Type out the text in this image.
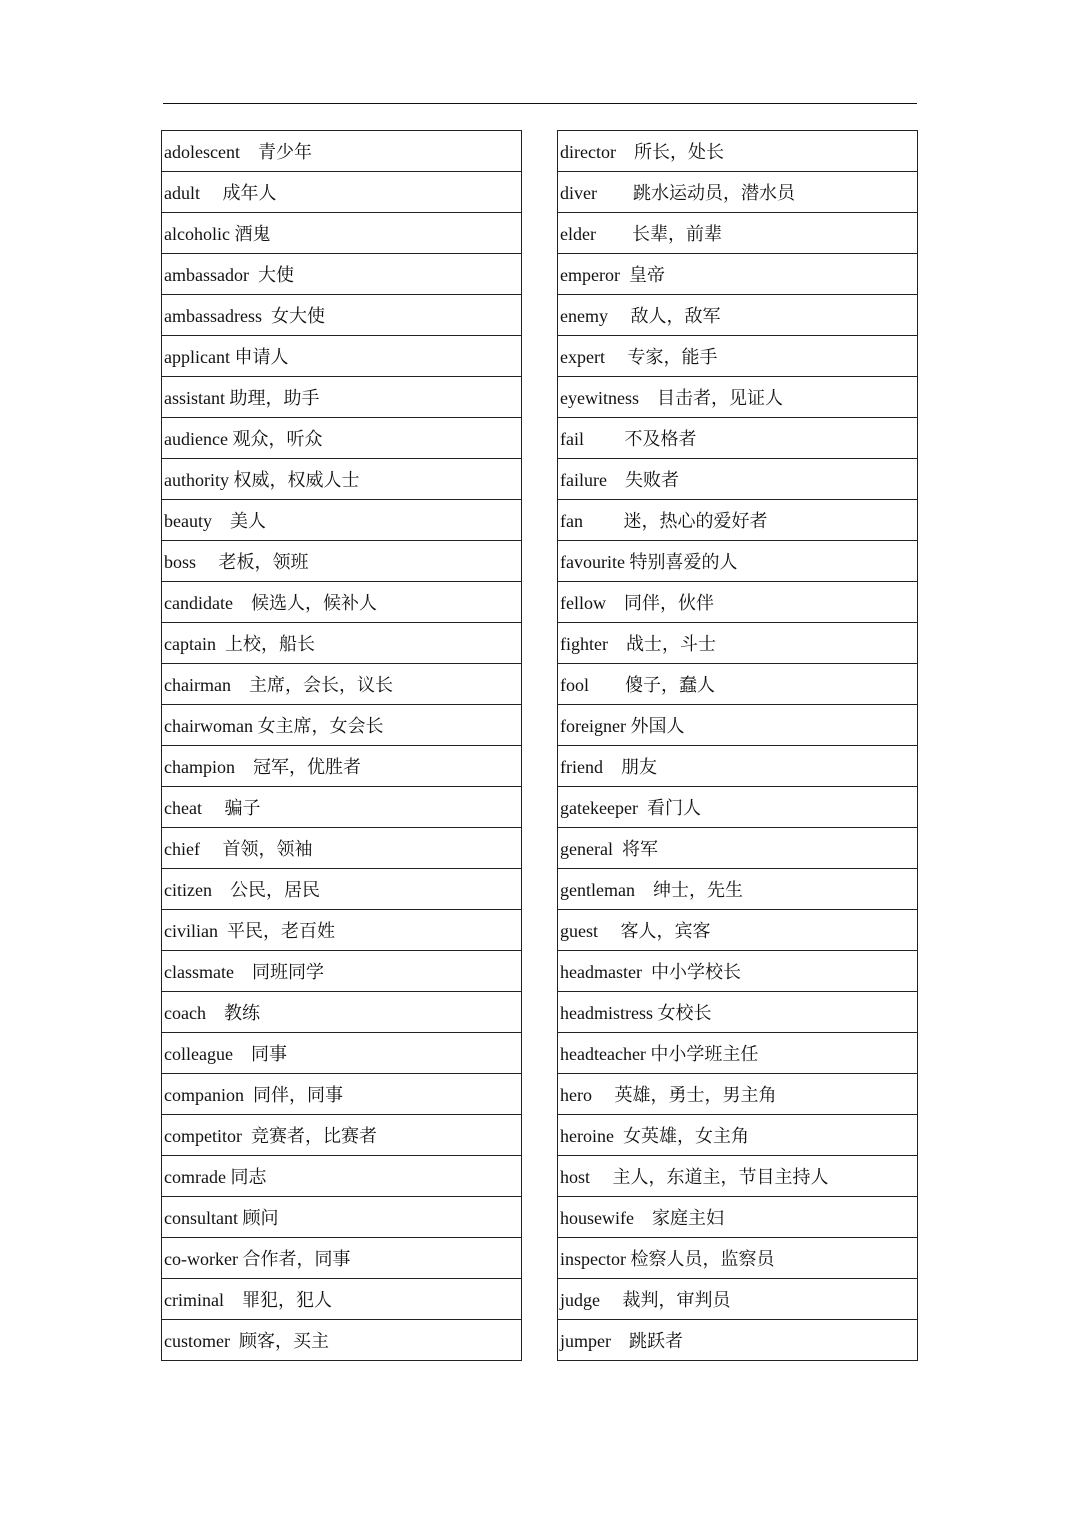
adolescent　青少年
adult　 成年人
alcoholic 酒鬼
ambassador  大使
ambassadress  女大使
applicant 申请人
assistant 助理，助手
audience 观众，听众
authority 权威，权威人士
beauty　美人
boss　 老板，领班
candidate　候选人，候补人
captain  上校，船长
chairman　主席，会长，议长
chairwoman 女主席，女会长
champion　冠军，优胜者
cheat　 骗子
chief　 首领，领袖
citizen　公民，居民
civilian  平民，老百姓
classmate　同班同学
coach　教练
colleague　同事
companion  同伴，同事
competitor  竞赛者，比赛者
comrade 同志
consultant 顾问
co-worker 合作者，同事
criminal　罪犯，犯人
customer  顾客，买主
director　所长，处长
diver　　跳水运动员，潜水员
elder　　长辈，前辈
emperor  皇帝
enemy　 敌人，敌军
expert　 专家，能手
eyewitness　目击者，见证人
fail　　 不及格者
failure　失败者
fan　　 迷，热心的爱好者
favourite 特别喜爱的人
fellow　同伴，伙伴
fighter　战士，斗士
fool　　傻子，蠢人
foreigner 外国人
friend　朋友
gatekeeper  看门人
general  将军
gentleman　绅士，先生
guest　 客人，宾客
headmaster  中小学校长
headmistress 女校长
headteacher 中小学班主任
hero　 英雄，勇士，男主角
heroine  女英雄，女主角
host　 主人，东道主，节目主持人
housewife　家庭主妇
inspector 检察人员，监察员
judge　 裁判，审判员
jumper　跳跃者
